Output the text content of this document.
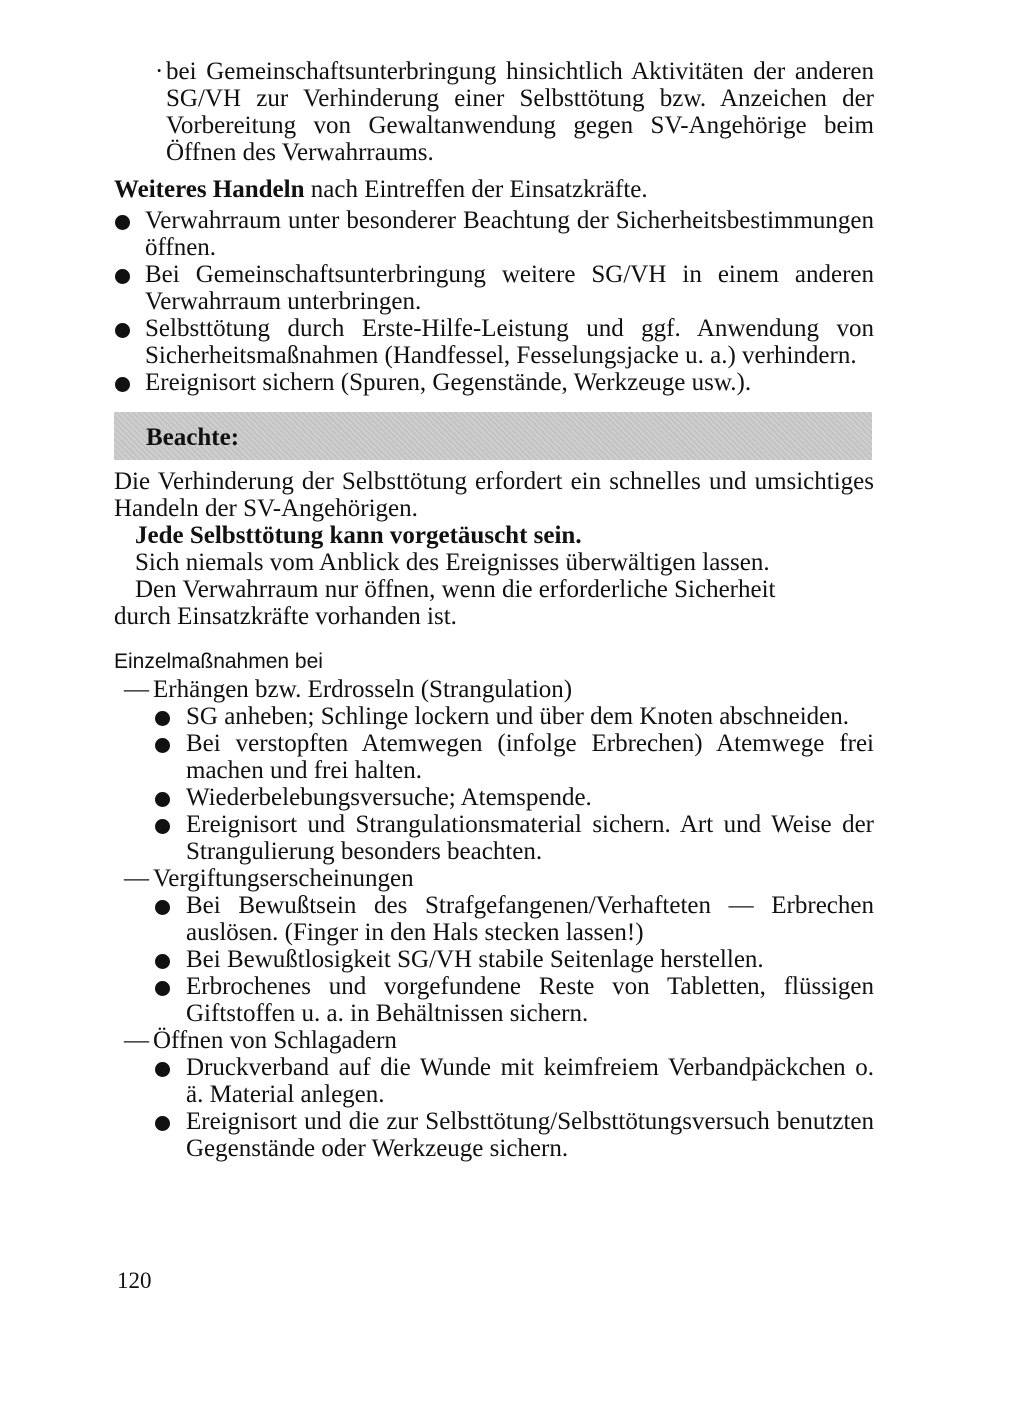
· bei Gemeinschaftsunterbringung hinsichtlich Aktivitäten der anderen SG/VH zur Verhinderung einer Selbsttötung bzw. Anzeichen der Vorbereitung von Gewaltanwendung gegen SV-Angehörige beim Öffnen des Verwahrraums.
Weiteres Handeln nach Eintreffen der Einsatzkräfte.
Verwahrraum unter besonderer Beachtung der Sicherheitsbestimmungen öffnen.
Bei Gemeinschaftsunterbringung weitere SG/VH in einem anderen Verwahrraum unterbringen.
Selbsttötung durch Erste-Hilfe-Leistung und ggf. Anwendung von Sicherheitsmaßnahmen (Handfessel, Fesselungsjacke u. a.) verhindern.
Ereignisort sichern (Spuren, Gegenstände, Werkzeuge usw.).
Beachte:

Die Verhinderung der Selbsttötung erfordert ein schnelles und umsichtiges Handeln der SV-Angehörigen.

Jede Selbsttötung kann vorgetäuscht sein.

Sich niemals vom Anblick des Ereignisses überwältigen lassen.

Den Verwahrraum nur öffnen, wenn die erforderliche Sicherheit

durch Einsatzkräfte vorhanden ist.

Einzelmaßnahmen bei
— Erhängen bzw. Erdrosseln (Strangulation)
SG anheben; Schlinge lockern und über dem Knoten abschneiden.
Bei verstopften Atemwegen (infolge Erbrechen) Atemwege frei machen und frei halten.
Wiederbelebungsversuche; Atemspende.
Ereignisort und Strangulationsmaterial sichern. Art und Weise der Strangulierung besonders beachten.
— Vergiftungserscheinungen
Bei Bewußtsein des Strafgefangenen/Verhafteten — Erbrechen auslösen. (Finger in den Hals stecken lassen!)
Bei Bewußtlosigkeit SG/VH stabile Seitenlage herstellen.
Erbrochenes und vorgefundene Reste von Tabletten, flüssigen Giftstoffen u. a. in Behältnissen sichern.
— Öffnen von Schlagadern
Druckverband auf die Wunde mit keimfreiem Verbandpäckchen o. ä. Material anlegen.
Ereignisort und die zur Selbsttötung/Selbsttötungsversuch benutzten Gegenstände oder Werkzeuge sichern.
120
